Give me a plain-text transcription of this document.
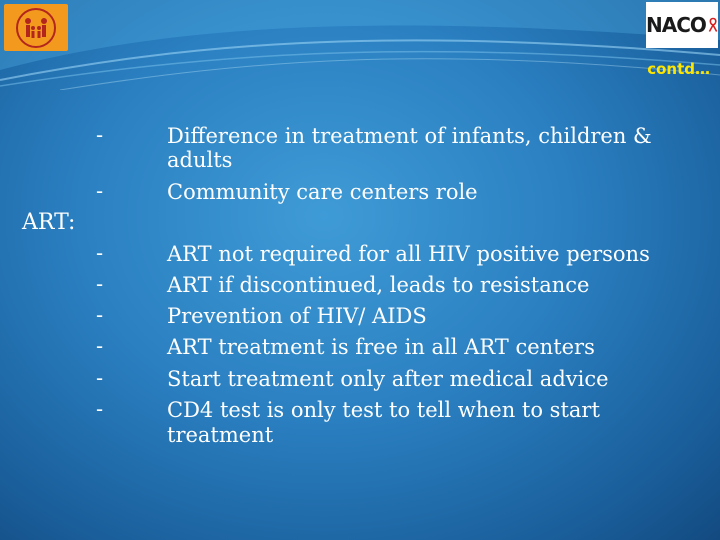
NACO
contd…
-	Difference in treatment of infants, children &
adults
-	Community care centers role
ART:
-	ART not required for all HIV positive persons
-	ART if discontinued, leads to resistance
-	Prevention of HIV/ AIDS
-	ART treatment is free in all ART centers
-	Start treatment only after medical advice
-	CD4 test is only test to tell when to start
treatment
